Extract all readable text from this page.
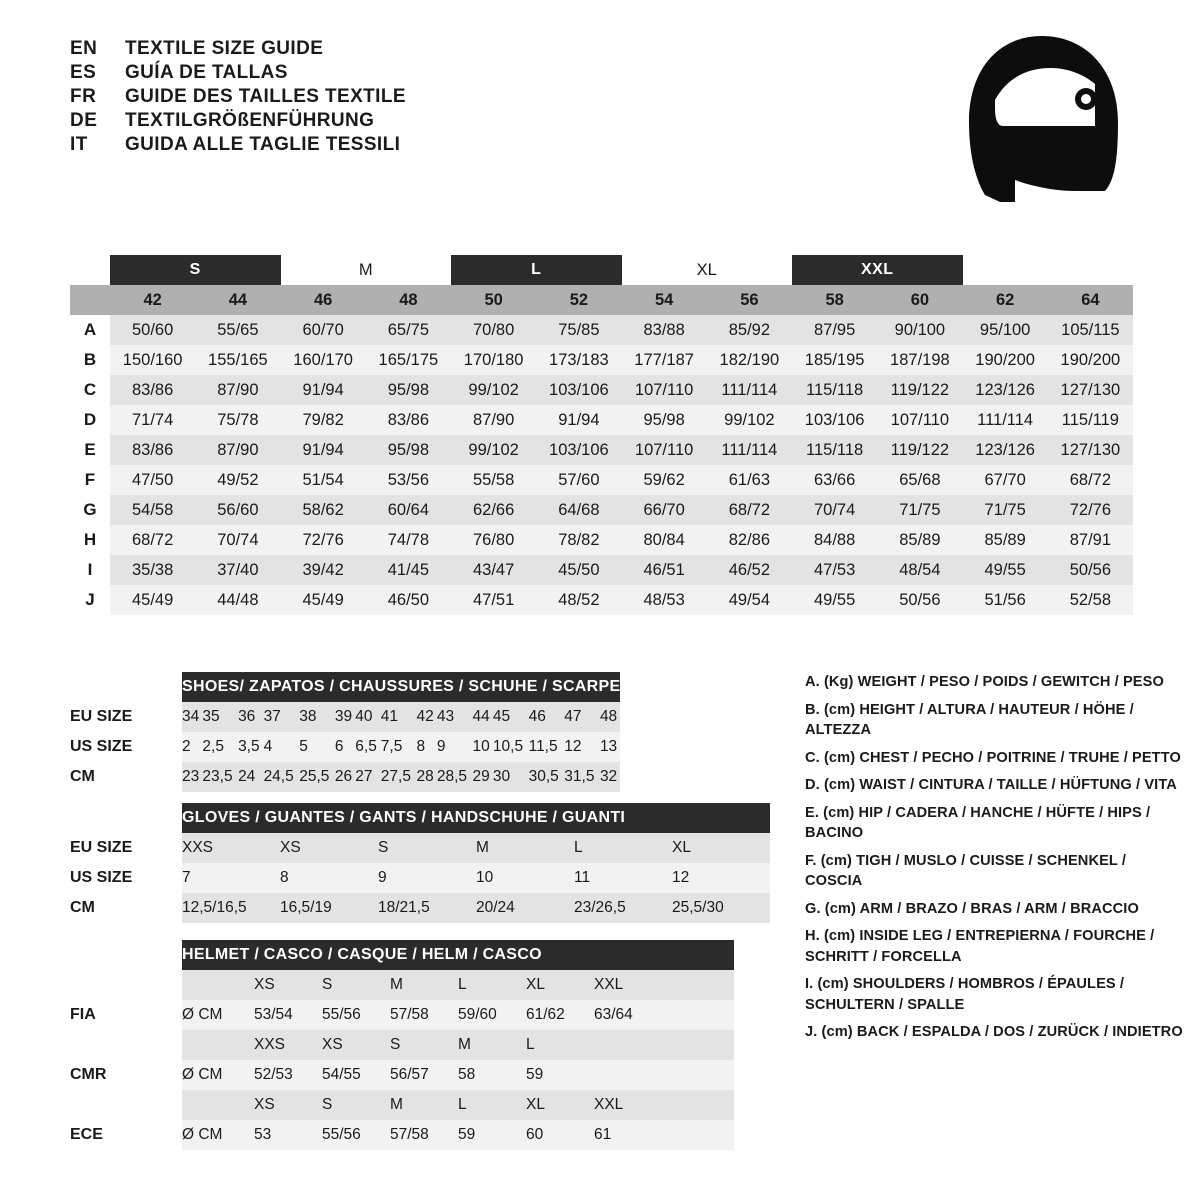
EN	TEXTILE SIZE GUIDE
ES	GUÍA DE TALLAS
FR	GUIDE DES TAILLES TEXTILE
DE	TEXTILGRÖßENFÜHRUNG
IT	GUIDA ALLE TAGLIE TESSILI
	S		M		L		XL		XXL			
	42	44	46	48	50	52	54	56	58	60	62	64
A	50/60	55/65	60/70	65/75	70/80	75/85	83/88	85/92	87/95	90/100	95/100	105/115
B	150/160	155/165	160/170	165/175	170/180	173/183	177/187	182/190	185/195	187/198	190/200	190/200
C	83/86	87/90	91/94	95/98	99/102	103/106	107/110	111/114	115/118	119/122	123/126	127/130
D	71/74	75/78	79/82	83/86	87/90	91/94	95/98	99/102	103/106	107/110	111/114	115/119
E	83/86	87/90	91/94	95/98	99/102	103/106	107/110	111/114	115/118	119/122	123/126	127/130
F	47/50	49/52	51/54	53/56	55/58	57/60	59/62	61/63	63/66	65/68	67/70	68/72
G	54/58	56/60	58/62	60/64	62/66	64/68	66/70	68/72	70/74	71/75	71/75	72/76
H	68/72	70/74	72/76	74/78	76/80	78/82	80/84	82/86	84/88	85/89	85/89	87/91
I	35/38	37/40	39/42	41/45	43/47	45/50	46/51	46/52	47/53	48/54	49/55	50/56
J	45/49	44/48	45/49	46/50	47/51	48/52	48/53	49/54	49/55	50/56	51/56	52/58
	SHOES/ ZAPATOS / CHAUSSURES / SCHUHE / SCARPE														
EU SIZE	34	35	36	37	38	39	40	41	42	43	44	45	46	47	48
US SIZE	2	2,5	3,5	4	5	6	6,5	7,5	8	9	10	10,5	11,5	12	13
CM	23	23,5	24	24,5	25,5	26	27	27,5	28	28,5	29	30	30,5	31,5	32
	GLOVES / GUANTES / GANTS / HANDSCHUHE / GUANTI					
EU SIZE	XXS	XS	S	M	L	XL
US SIZE	7	8	9	10	11	12
CM	12,5/16,5	16,5/19	18/21,5	20/24	23/26,5	25,5/30
	HELMET / CASCO / CASQUE / HELM / CASCO						
		XS	S	M	L	XL	XXL
FIA	Ø CM	53/54	55/56	57/58	59/60	61/62	63/64
		XXS	XS	S	M	L	
CMR	Ø CM	52/53	54/55	56/57	58	59	
		XS	S	M	L	XL	XXL
ECE	Ø CM	53	55/56	57/58	59	60	61
A. (Kg) WEIGHT / PESO / POIDS / GEWITCH / PESO
B. (cm) HEIGHT / ALTURA / HAUTEUR / HÖHE / ALTEZZA
C. (cm) CHEST / PECHO / POITRINE / TRUHE / PETTO
D. (cm) WAIST / CINTURA / TAILLE / HÜFTUNG / VITA
E. (cm) HIP / CADERA / HANCHE / HÜFTE / HIPS / BACINO
F. (cm) TIGH / MUSLO / CUISSE / SCHENKEL / COSCIA
G. (cm) ARM / BRAZO / BRAS / ARM / BRACCIO
H. (cm) INSIDE LEG / ENTREPIERNA / FOURCHE / SCHRITT / FORCELLA
I. (cm) SHOULDERS / HOMBROS / ÉPAULES / SCHULTERN / SPALLE
J. (cm) BACK / ESPALDA / DOS / ZURÜCK / INDIETRO
